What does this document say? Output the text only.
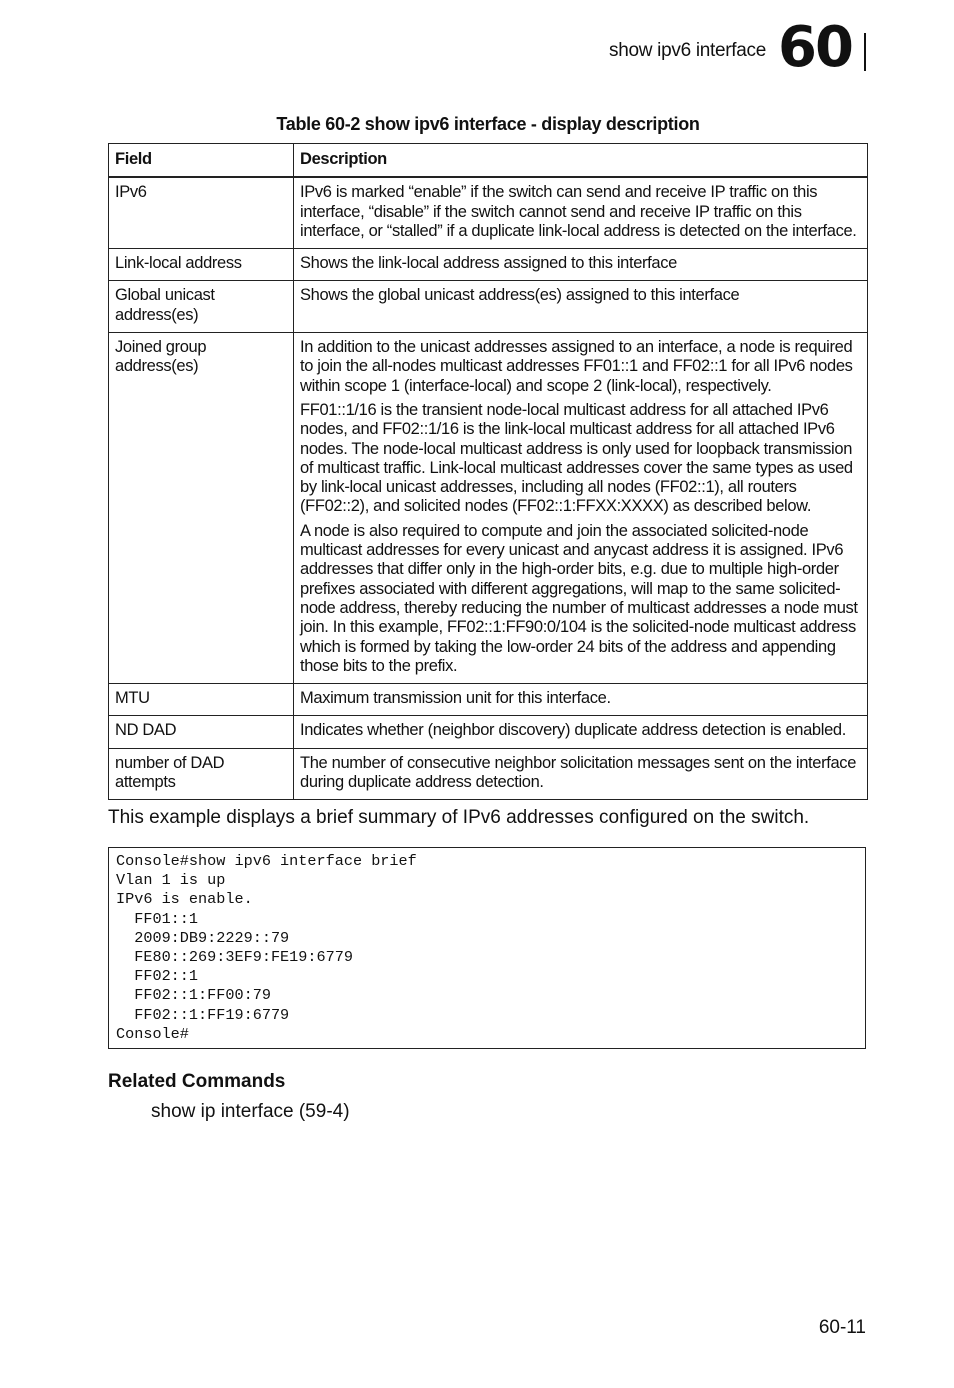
show ipv6 interface 60
Table 60-2 show ipv6 interface - display description
Field	Description
IPv6	IPv6 is marked “enable” if the switch can send and receive IP traffic on this interface, “disable” if the switch cannot send and receive IP traffic on this interface, or “stalled” if a duplicate link-local address is detected on the interface.

Link-local address	Shows the link-local address assigned to this interface

Global unicast address(es)	Shows the global unicast address(es) assigned to this interface

Joined group address(es)	In addition to the unicast addresses assigned to an interface, a node is required to join the all-nodes multicast addresses FF01::1 and FF02::1 for all IPv6 nodes within scope 1 (interface-local) and scope 2 (link-local), respectively.
FF01::1/16 is the transient node-local multicast address for all attached IPv6 nodes, and FF02::1/16 is the link-local multicast address for all attached IPv6 nodes. The node-local multicast address is only used for loopback transmission of multicast traffic. Link-local multicast addresses cover the same types as used by link-local unicast addresses, including all nodes (FF02::1), all routers (FF02::2), and solicited nodes (FF02::1:FFXX:XXXX) as described below.
A node is also required to compute and join the associated solicited-node multicast addresses for every unicast and anycast address it is assigned. IPv6 addresses that differ only in the high-order bits, e.g. due to multiple high-order prefixes associated with different aggregations, will map to the same solicited-node address, thereby reducing the number of multicast addresses a node must join. In this example, FF02::1:FF90:0/104 is the solicited-node multicast address which is formed by taking the low-order 24 bits of the address and appending those bits to the prefix.

MTU	Maximum transmission unit for this interface.

ND DAD	Indicates whether (neighbor discovery) duplicate address detection is enabled.

number of DAD attempts	The number of consecutive neighbor solicitation messages sent on the interface during duplicate address detection.
This example displays a brief summary of IPv6 addresses configured on the switch.
Console#show ipv6 interface brief
Vlan 1 is up
IPv6 is enable.
FF01::1
2009:DB9:2229::79
FE80::269:3EF9:FE19:6779
FF02::1
FF02::1:FF00:79
FF02::1:FF19:6779
Console#
Related Commands
show ip interface (59-4)
60-11
